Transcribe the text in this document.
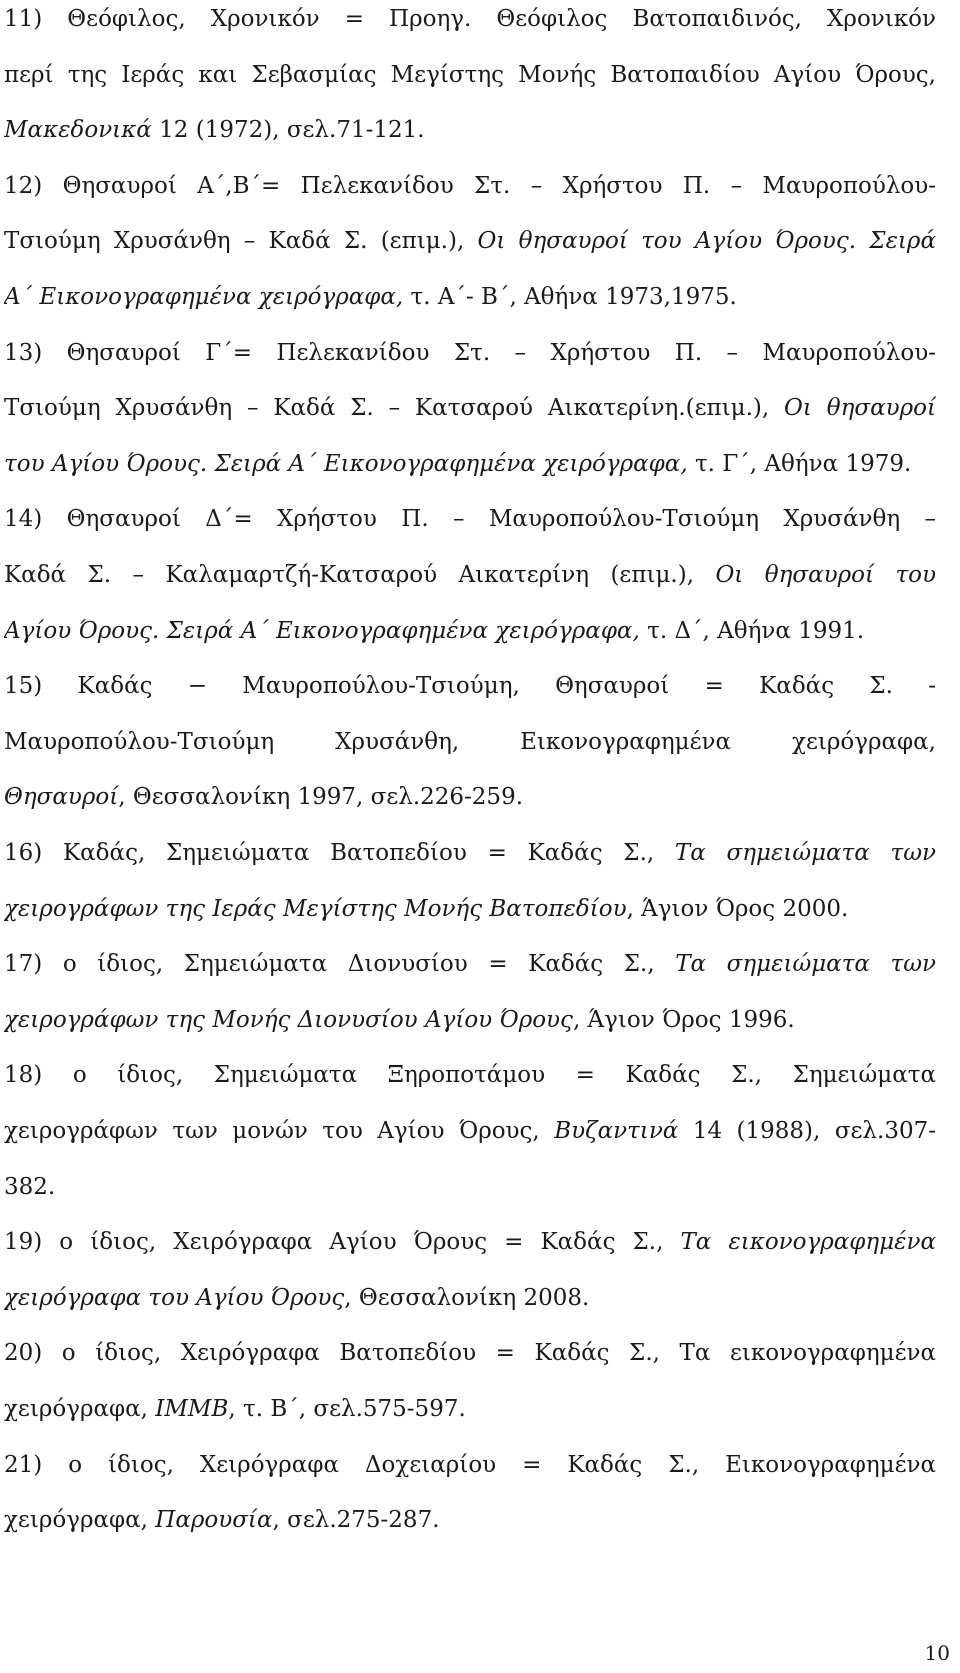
11) Θεόφιλος, Χρονικόν = Προηγ. Θεόφιλος Βατοπαιδινός, Χρονικόν
περί της Ιεράς και Σεβασμίας Μεγίστης Μονής Βατοπαιδίου Αγίου Όρους,
Μακεδονικά 12 (1972), σελ.71-121.
12) Θησαυροί Α΄,Β΄= Πελεκανίδου Στ. – Χρήστου Π. – Μαυροπούλου-
Τσιούμη Χρυσάνθη – Καδά Σ. (επιμ.), Οι θησαυροί του Αγίου Όρους. Σειρά
Α΄ Εικονογραφημένα χειρόγραφα, τ. Α΄- Β΄, Αθήνα 1973,1975.
13) Θησαυροί Γ΄= Πελεκανίδου Στ. – Χρήστου Π. – Μαυροπούλου-
Τσιούμη Χρυσάνθη – Καδά Σ. – Κατσαρού Αικατερίνη.(επιμ.), Οι θησαυροί
του Αγίου Όρους. Σειρά Α΄ Εικονογραφημένα χειρόγραφα, τ. Γ΄, Αθήνα 1979.
14) Θησαυροί Δ΄= Χρήστου Π. – Μαυροπούλου-Τσιούμη Χρυσάνθη –
Καδά Σ. – Καλαμαρτζή-Κατσαρού Αικατερίνη (επιμ.), Οι θησαυροί του
Αγίου Όρους. Σειρά Α΄ Εικονογραφημένα χειρόγραφα, τ. Δ΄, Αθήνα 1991.
15) Καδάς − Μαυροπούλου-Τσιούμη, Θησαυροί = Καδάς Σ. -
Μαυροπούλου-Τσιούμη Χρυσάνθη, Εικονογραφημένα χειρόγραφα,
Θησαυροί, Θεσσαλονίκη 1997, σελ.226-259.
16) Καδάς, Σημειώματα Βατοπεδίου = Καδάς Σ., Τα σημειώματα των
χειρογράφων της Ιεράς Μεγίστης Μονής Βατοπεδίου, Άγιον Όρος 2000.
17) ο ίδιος, Σημειώματα Διονυσίου = Καδάς Σ., Τα σημειώματα των
χειρογράφων της Μονής Διονυσίου Αγίου Όρους, Άγιον Όρος 1996.
18) ο ίδιος, Σημειώματα Ξηροποτάμου = Καδάς Σ., Σημειώματα
χειρογράφων των μονών του Αγίου Όρους, Βυζαντινά 14 (1988), σελ.307-
382.
19) ο ίδιος, Χειρόγραφα Αγίου Όρους = Καδάς Σ., Τα εικονογραφημένα
χειρόγραφα του Αγίου Όρους, Θεσσαλονίκη 2008.
20) ο ίδιος, Χειρόγραφα Βατοπεδίου = Καδάς Σ., Τα εικονογραφημένα
χειρόγραφα, ΙΜΜΒ, τ. Β΄, σελ.575-597.
21) ο ίδιος, Χειρόγραφα Δοχειαρίου = Καδάς Σ., Εικονογραφημένα
χειρόγραφα, Παρουσία, σελ.275-287.
10
